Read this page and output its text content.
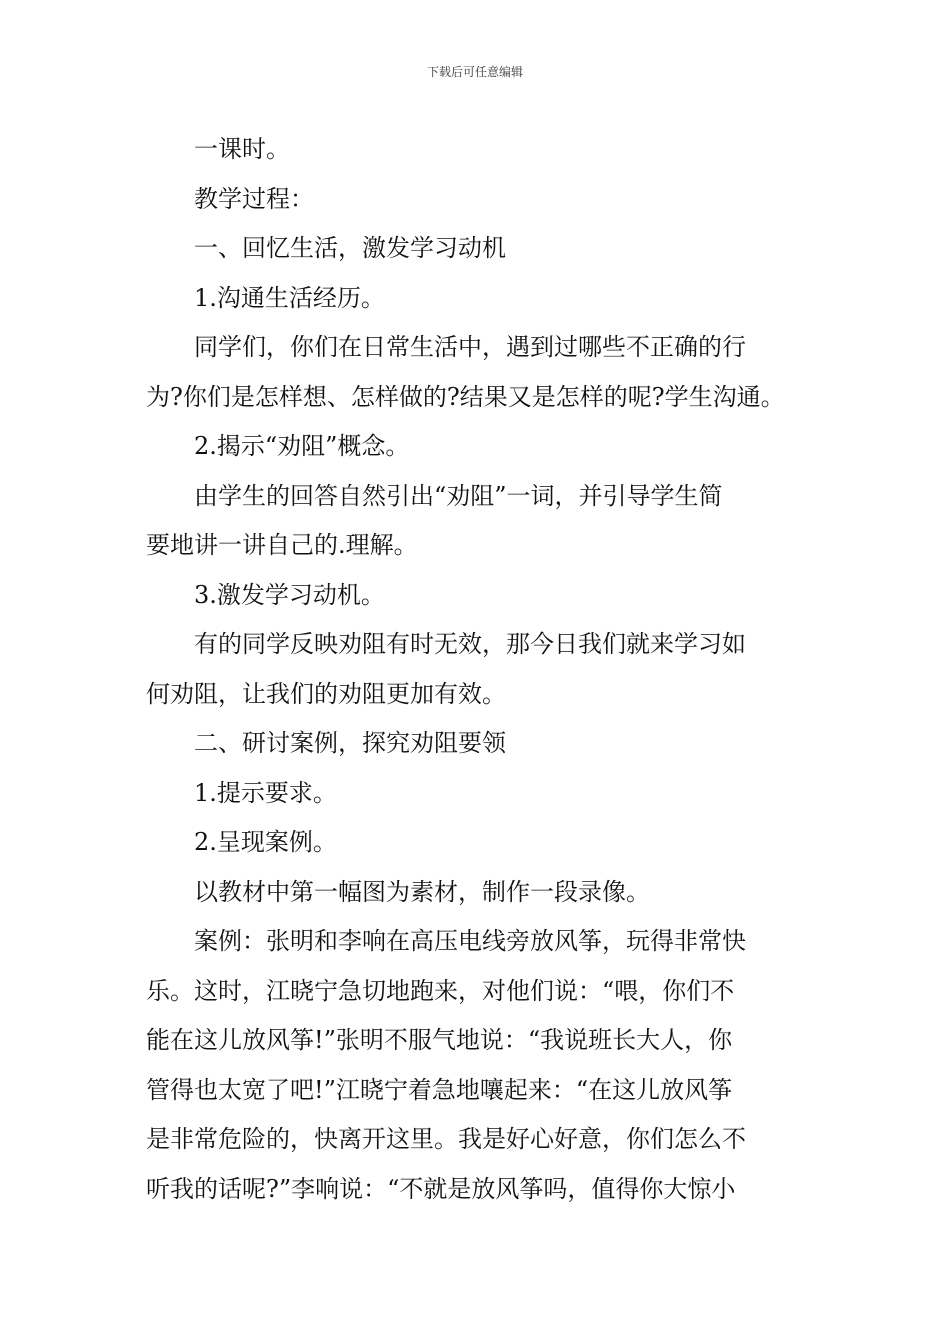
下载后可任意编辑

一课时。

教学过程：

一、回忆生活，激发学习动机

1.沟通生活经历。

同学们，你们在日常生活中，遇到过哪些不正确的行

为?你们是怎样想、怎样做的?结果又是怎样的呢?学生沟通。

2.揭示“劝阻”概念。

由学生的回答自然引出“劝阻”一词，并引导学生简

要地讲一讲自己的.理解。

3.激发学习动机。

有的同学反映劝阻有时无效，那今日我们就来学习如

何劝阻，让我们的劝阻更加有效。

二、研讨案例，探究劝阻要领

1.提示要求。

2.呈现案例。

以教材中第一幅图为素材，制作一段录像。

案例：张明和李响在高压电线旁放风筝，玩得非常快

乐。这时，江晓宁急切地跑来，对他们说：“喂，你们不

能在这儿放风筝!”张明不服气地说：“我说班长大人，你

管得也太宽了吧!”江晓宁着急地嚷起来：“在这儿放风筝

是非常危险的，快离开这里。我是好心好意，你们怎么不

听我的话呢?”李响说：“不就是放风筝吗，值得你大惊小
